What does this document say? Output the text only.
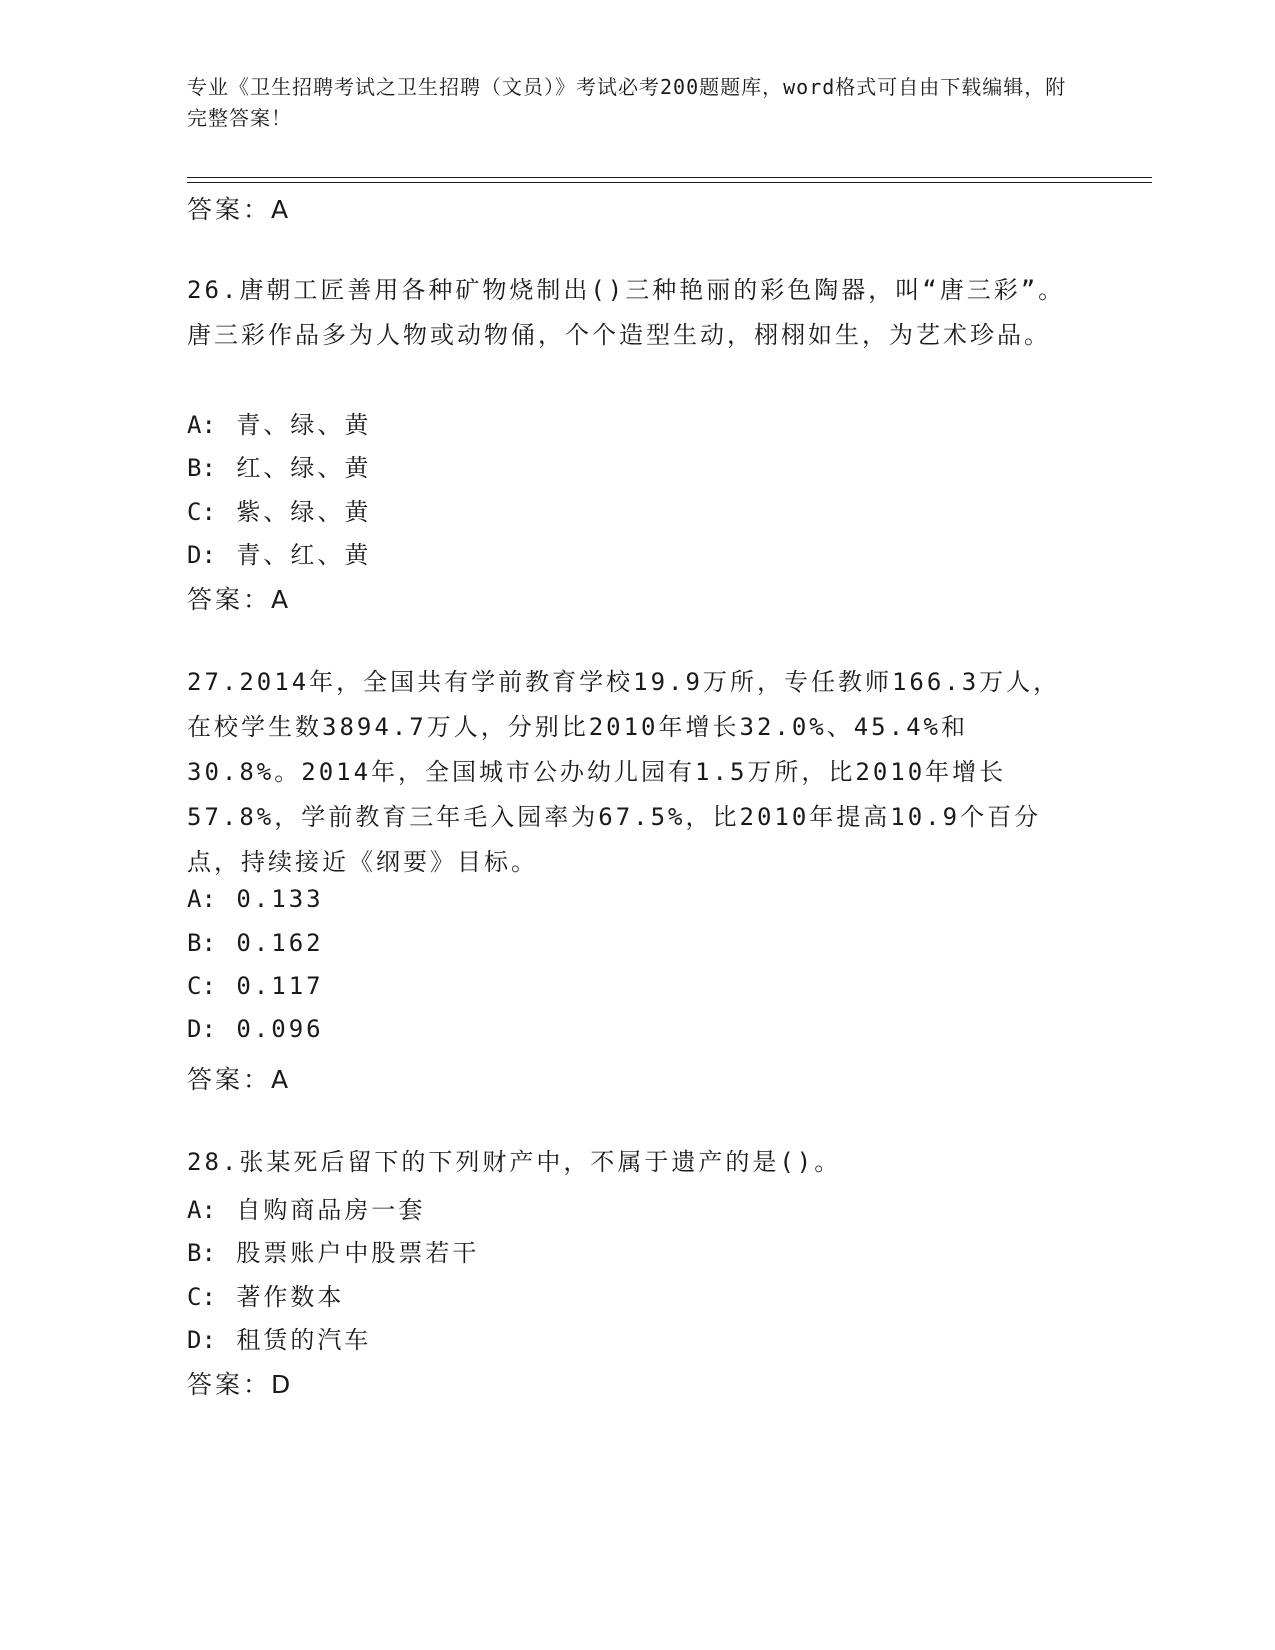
专业《卫生招聘考试之卫生招聘（文员）》考试必考200题题库，word格式可自由下载编辑，附完整答案！
答案：A
26.唐朝工匠善用各种矿物烧制出()三种艳丽的彩色陶器，叫“唐三彩”。唐三彩作品多为人物或动物俑，个个造型生动，栩栩如生，为艺术珍品。
A: 青、绿、黄
B: 红、绿、黄
C: 紫、绿、黄
D: 青、红、黄
答案：A
27.2014年，全国共有学前教育学校19.9万所，专任教师166.3万人，在校学生数3894.7万人，分别比2010年增长32.0%、45.4%和30.8%。2014年，全国城市公办幼儿园有1.5万所，比2010年增长57.8%，学前教育三年毛入园率为67.5%，比2010年提高10.9个百分点，持续接近《纲要》目标。
A: 0.133
B: 0.162
C: 0.117
D: 0.096
答案：A
28.张某死后留下的下列财产中，不属于遗产的是()。
A: 自购商品房一套
B: 股票账户中股票若干
C: 著作数本
D: 租赁的汽车
答案：D
